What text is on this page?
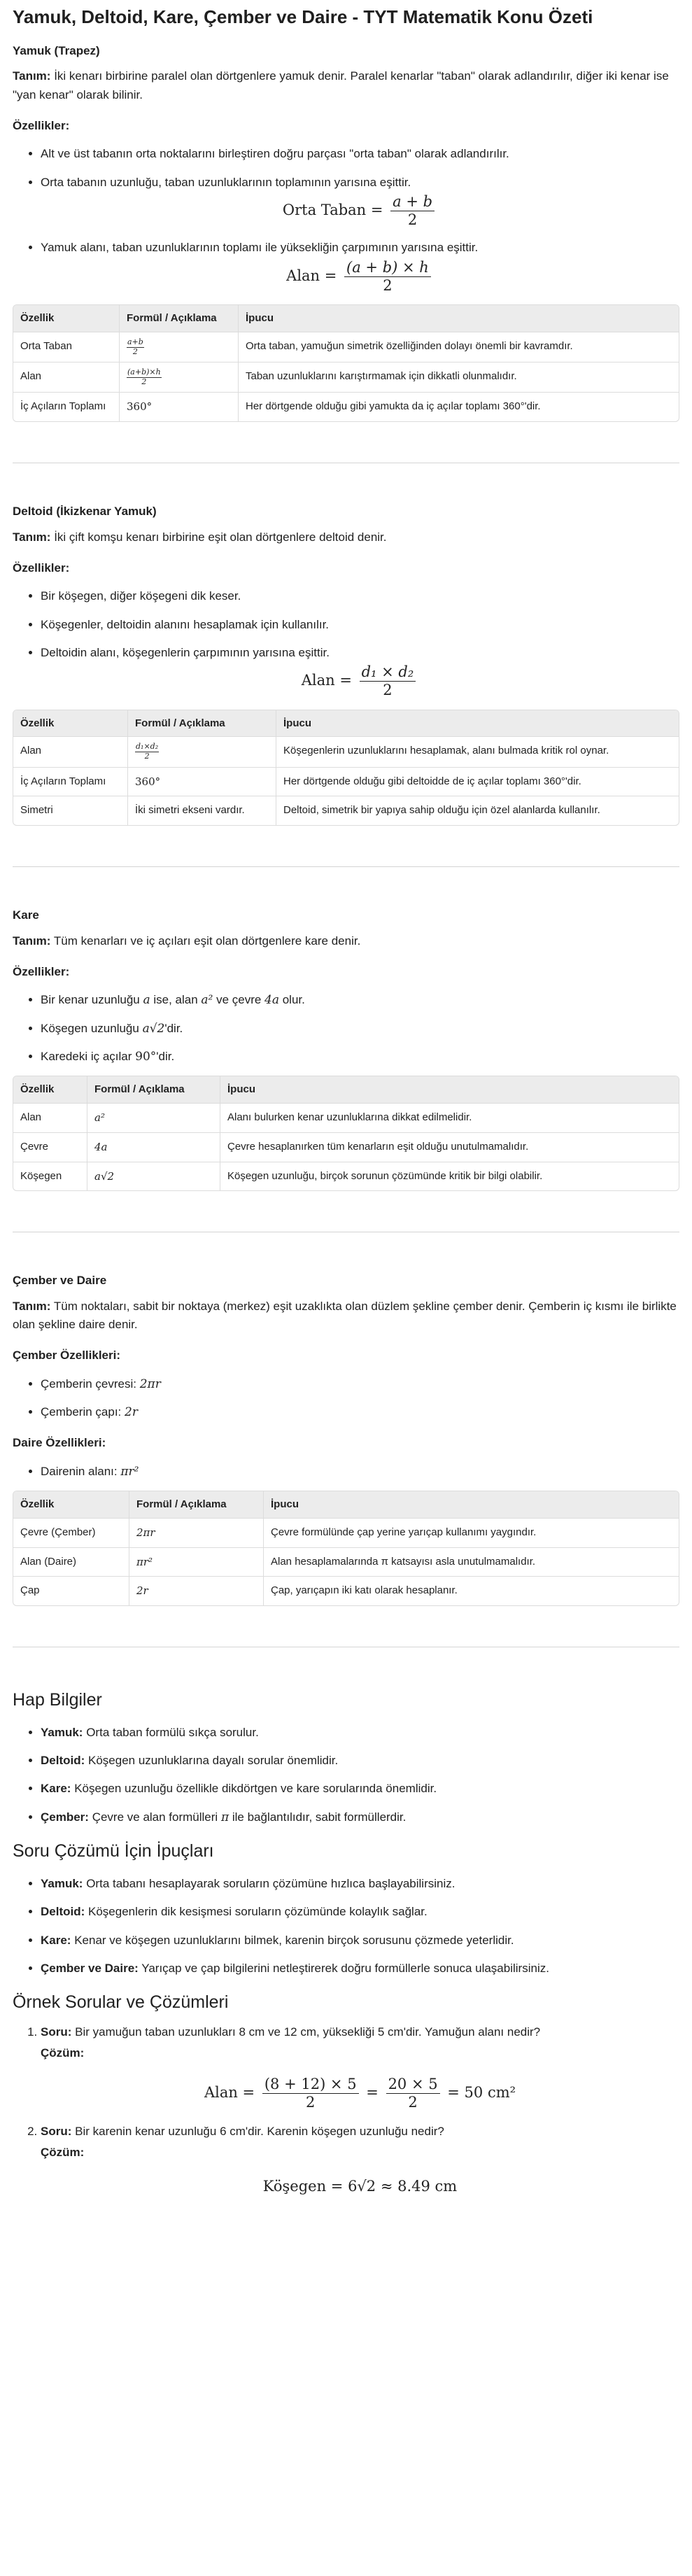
Yamuk, Deltoid, Kare, Çember ve Daire - TYT Matematik Konu Özeti
Yamuk (Trapez)

Tanım: İki kenarı birbirine paralel olan dörtgenlere yamuk denir. Paralel kenarlar "taban" olarak adlandırılır, diğer iki kenar ise "yan kenar" olarak bilinir.

Özellikler:

• Alt ve üst tabanın orta noktalarını birleştiren doğru parçası "orta taban" olarak adlandırılır.
• Orta tabanın uzunluğu, taban uzunluklarının toplamının yarısına eşittir.
Orta Taban = $\frac{a + b}{2}$
• Yamuk alanı, taban uzunluklarının toplamı ile yüksekliğin çarpımının yarısına eşittir.
Alan = $\frac{(a + b) \times h}{2}$
Özellik	Formül / Açıklama	İpucu
Orta Taban	$\frac{a+b}{2}$	Orta taban, yamuğun simetrik özelliğinden dolayı önemli bir kavramdır.
Alan	$\frac{(a+b)\times h}{2}$	Taban uzunluklarını karıştırmamak için dikkatli olunmalıdır.
İç Açıların Toplamı	360°	Her dörtgende olduğu gibi yamukta da iç açılar toplamı 360°'dir.
Deltoid (İkizkenar Yamuk)

Tanım: İki çift komşu kenarı birbirine eşit olan dörtgenlere deltoid denir.

Özellikler:

• Bir köşegen, diğer köşegeni dik keser.
• Köşegenler, deltoidin alanını hesaplamak için kullanılır.
• Deltoidin alanı, köşegenlerin çarpımının yarısına eşittir.
Alan = $\frac{\text{d₁ × d₂}}{2}$
Özellik	Formül / Açıklama	İpucu
Alan	$\frac{\text{d₁×d₂}}{2}$	Köşegenlerin uzunluklarını hesaplamak, alanı bulmada kritik rol oynar.
İç Açıların Toplamı	360°	Her dörtgende olduğu gibi deltoidde de iç açılar toplamı 360°'dir.
Simetri	İki simetri ekseni vardır.	Deltoid, simetrik bir yapıya sahip olduğu için özel alanlarda kullanılır.
Kare

Tanım: Tüm kenarları ve iç açıları eşit olan dörtgenlere kare denir.

Özellikler:

• Bir kenar uzunluğu a ise, alan a² ve çevre 4a olur.
• Köşegen uzunluğu a√2'dir.
• Karedeki iç açılar 90°'dir.
Özellik	Formül / Açıklama	İpucu
Alan	a²	Alanı bulurken kenar uzunluklarına dikkat edilmelidir.
Çevre	4a	Çevre hesaplanırken tüm kenarların eşit olduğu unutulmamalıdır.
Köşegen	a√2	Köşegen uzunluğu, birçok sorunun çözümünde kritik bir bilgi olabilir.
Çember ve Daire

Tanım: Tüm noktaları, sabit bir noktaya (merkez) eşit uzaklıkta olan düzlem şekline çember denir. Çemberin iç kısmı ile birlikte olan şekline daire denir.

Çember Özellikleri:

• Çemberin çevresi: 2πr
• Çemberin çapı: 2r

Daire Özellikleri:

• Dairenin alanı: πr²
Özellik	Formül / Açıklama	İpucu
Çevre (Çember)	2πr	Çevre formülünde çap yerine yarıçap kullanımı yaygındır.
Alan (Daire)	πr²	Alan hesaplamalarında π katsayısı asla unutulmamalıdır.
Çap	2r	Çap, yarıçapın iki katı olarak hesaplanır.
Hap Bilgiler
• Yamuk: Orta taban formülü sıkça sorulur.
• Deltoid: Köşegen uzunluklarına dayalı sorular önemlidir.
• Kare: Köşegen uzunluğu özellikle dikdörtgen ve kare sorularında önemlidir.
• Çember: Çevre ve alan formülleri π ile bağlantılıdır, sabit formüllerdir.
Soru Çözümü İçin İpuçları
• Yamuk: Orta tabanı hesaplayarak soruların çözümüne hızlıca başlayabilirsiniz.
• Deltoid: Köşegenlerin dik kesişmesi soruların çözümünde kolaylık sağlar.
• Kare: Kenar ve köşegen uzunluklarını bilmek, karenin birçok sorusunu çözmede yeterlidir.
• Çember ve Daire: Yarıçap ve çap bilgilerini netleştirerek doğru formüllerle sonuca ulaşabilirsiniz.
Örnek Sorular ve Çözümleri
1. Soru: Bir yamuğun taban uzunlukları 8 cm ve 12 cm, yüksekliği 5 cm'dir. Yamuğun alanı nedir?
Çözüm:
Alan = $\frac{(8 + 12) \times 5}{2} = \frac{20 \times 5}{2} = 50$ cm²
2. Soru: Bir karenin kenar uzunluğu 6 cm'dir. Karenin köşegen uzunluğu nedir?
Çözüm:
Köşegen = 6√2 ≈ 8.49 cm
